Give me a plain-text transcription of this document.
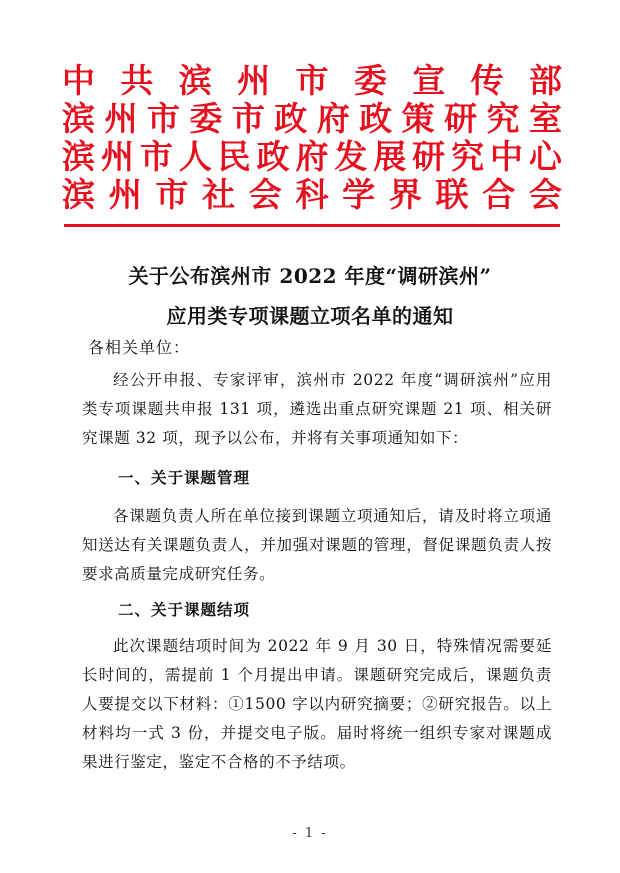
中 共 滨 州 市 委 宣 传 部
滨 州 市 委 市 政 府 政 策 研 究 室
滨 州 市 人 民 政 府 发 展 研 究 中 心
滨 州 市 社 会 科 学 界 联 合 会
关于公布滨州市 2022 年度“调研滨州”
应用类专项课题立项名单的通知
各相关单位：
经公开申报、专家评审，滨州市 2022 年度“调研滨州”应用类专项课题共申报 131 项，遴选出重点研究课题 21 项、相关研究课题 32 项，现予以公布，并将有关事项通知如下：
一、关于课题管理
各课题负责人所在单位接到课题立项通知后，请及时将立项通知送达有关课题负责人，并加强对课题的管理，督促课题负责人按要求高质量完成研究任务。
二、关于课题结项
此次课题结项时间为 2022 年 9 月 30 日，特殊情况需要延长时间的，需提前 1 个月提出申请。课题研究完成后，课题负责人要提交以下材料：①1500 字以内研究摘要；②研究报告。以上材料均一式 3 份，并提交电子版。届时将统一组织专家对课题成果进行鉴定，鉴定不合格的不予结项。
- 1 -
